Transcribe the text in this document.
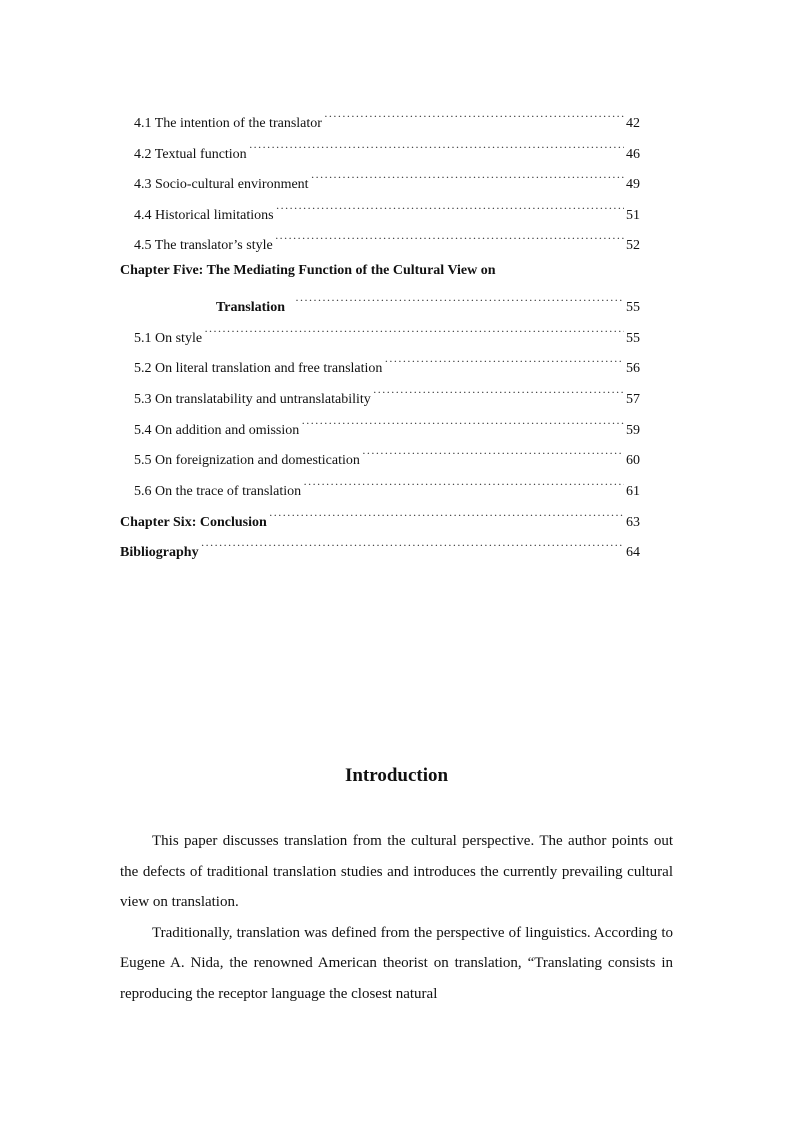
4.1 The intention of the translator ·····	42
4.2 Textual function ·····	46
4.3 Socio-cultural environment ·····	49
4.4 Historical limitations ·····	51
4.5 The translator’s style ·····	52
Chapter Five: The Mediating Function of the Cultural View on
Translation ·····	55
5.1 On style ·····	55
5.2 On literal translation and free translation ·····	56
5.3 On translatability and untranslatability ·····	57
5.4 On addition and omission ·····	59
5.5 On foreignization and domestication ·····	60
5.6 On the trace of translation ·····	61
Chapter Six: Conclusion ·····	63
Bibliography ·····	64
Introduction

This paper discusses translation from the cultural perspective. The author points out the defects of traditional translation studies and introduces the currently prevailing cultural view on translation.

Traditionally, translation was defined from the perspective of linguistics. According to Eugene A. Nida, the renowned American theorist on translation, “Translating consists in reproducing the receptor language the closest natural
